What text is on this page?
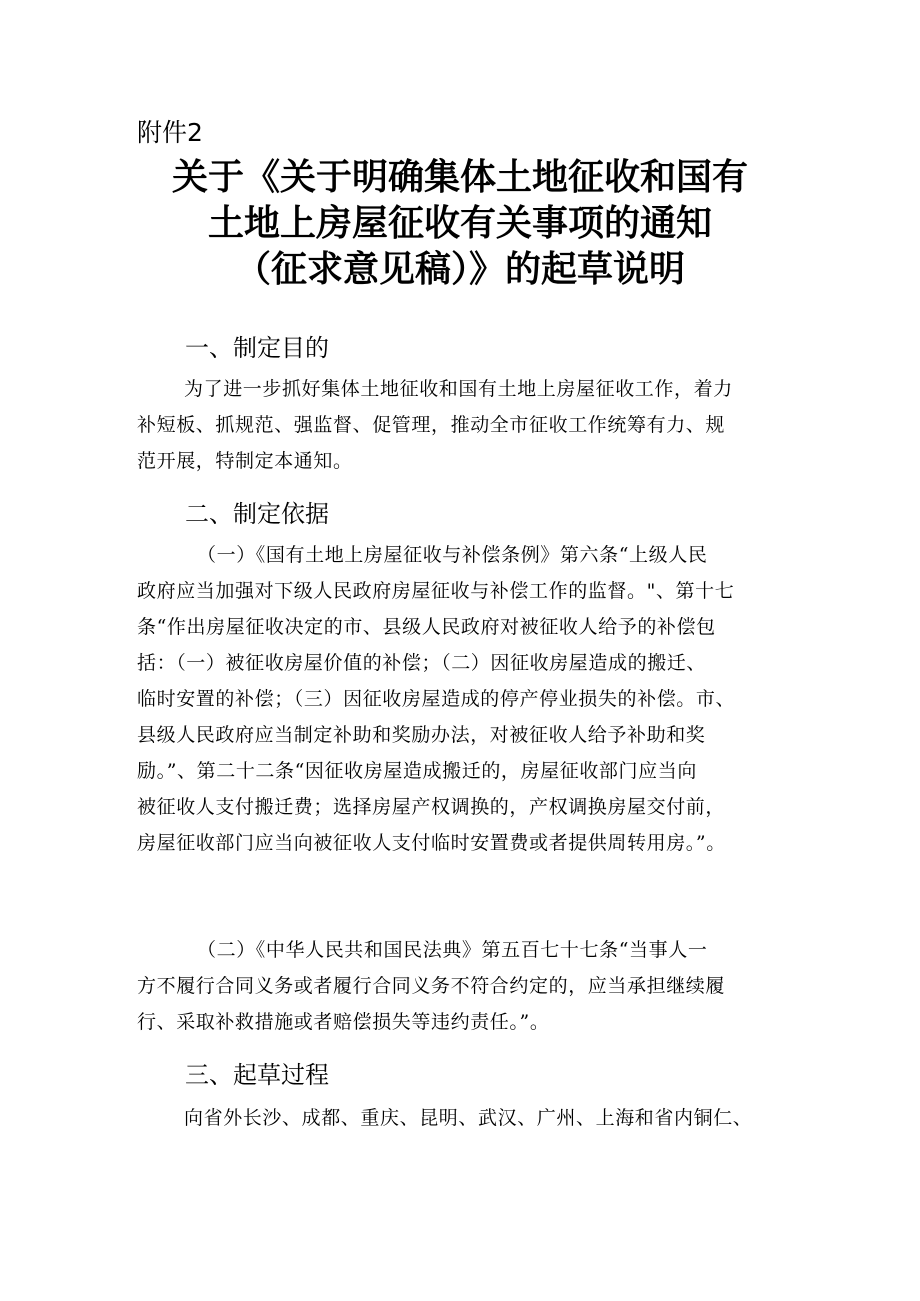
附件2
关于《关于明确集体土地征收和国有
土地上房屋征收有关事项的通知
（征求意见稿）》的起草说明
一、制定目的
为了进一步抓好集体土地征收和国有土地上房屋征收工作，着力
补短板、抓规范、强监督、促管理，推动全市征收工作统筹有力、规
范开展，特制定本通知。
二、制定依据
（一）《国有土地上房屋征收与补偿条例》第六条“上级人民
政府应当加强对下级人民政府房屋征收与补偿工作的监督。"、第十七
条“作出房屋征收决定的市、县级人民政府对被征收人给予的补偿包
括：（一）被征收房屋价值的补偿；（二）因征收房屋造成的搬迁、
临时安置的补偿；（三）因征收房屋造成的停产停业损失的补偿。市、
县级人民政府应当制定补助和奖励办法，对被征收人给予补助和奖
励。”、第二十二条“因征收房屋造成搬迁的，房屋征收部门应当向
被征收人支付搬迁费；选择房屋产权调换的，产权调换房屋交付前，
房屋征收部门应当向被征收人支付临时安置费或者提供周转用房。”。
（二）《中华人民共和国民法典》第五百七十七条“当事人一
方不履行合同义务或者履行合同义务不符合约定的，应当承担继续履
行、采取补救措施或者赔偿损失等违约责任。”。
三、起草过程
向省外长沙、成都、重庆、昆明、武汉、广州、上海和省内铜仁、
